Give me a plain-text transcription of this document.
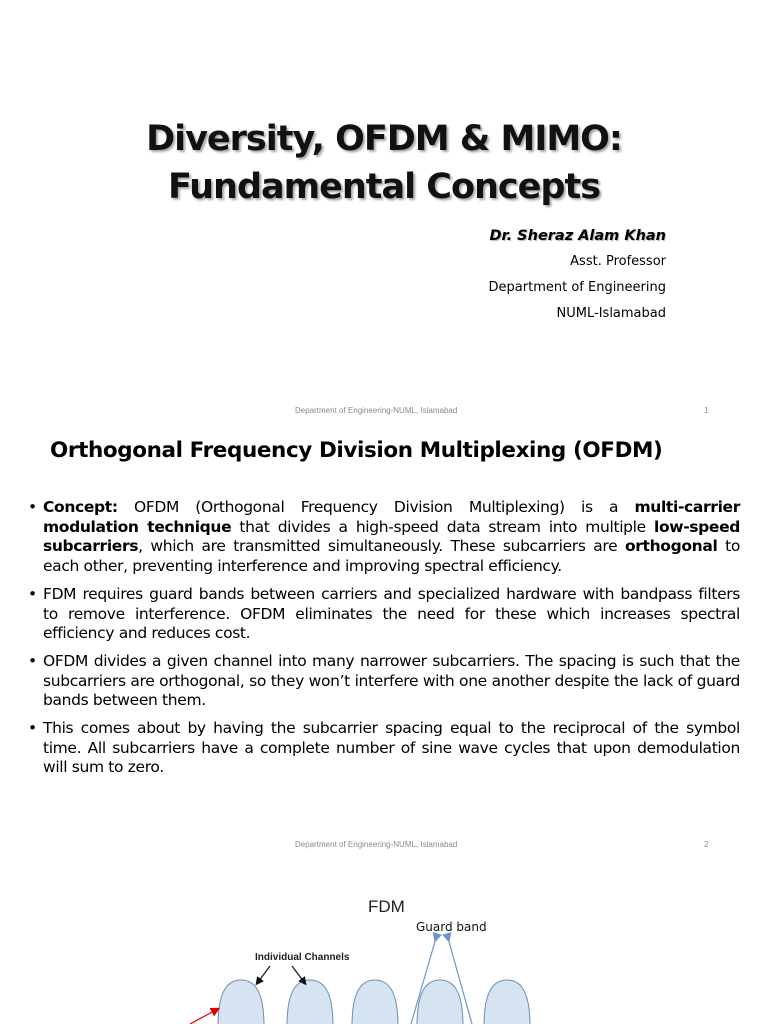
Diversity, OFDM & MIMO:
Fundamental Concepts
Dr. Sheraz Alam Khan
Asst. Professor
Department of Engineering
NUML-Islamabad
Department of Engineering-NUML, Islamabad	1
Orthogonal Frequency Division Multiplexing (OFDM)
• Concept: OFDM (Orthogonal Frequency Division Multiplexing) is a multi-carrier modulation technique that divides a high-speed data stream into multiple low-speed subcarriers, which are transmitted simultaneously. These subcarriers are orthogonal to each other, preventing interference and improving spectral efficiency.
• FDM requires guard bands between carriers and specialized hardware with bandpass filters to remove interference. OFDM eliminates the need for these which increases spectral efficiency and reduces cost.
• OFDM divides a given channel into many narrower subcarriers. The spacing is such that the subcarriers are orthogonal, so they won’t interfere with one another despite the lack of guard bands between them.
• This comes about by having the subcarrier spacing equal to the reciprocal of the symbol time. All subcarriers have a complete number of sine wave cycles that upon demodulation will sum to zero.
Department of Engineering-NUML, Islamabad	2
FDM
Guard band
Individual Channels
